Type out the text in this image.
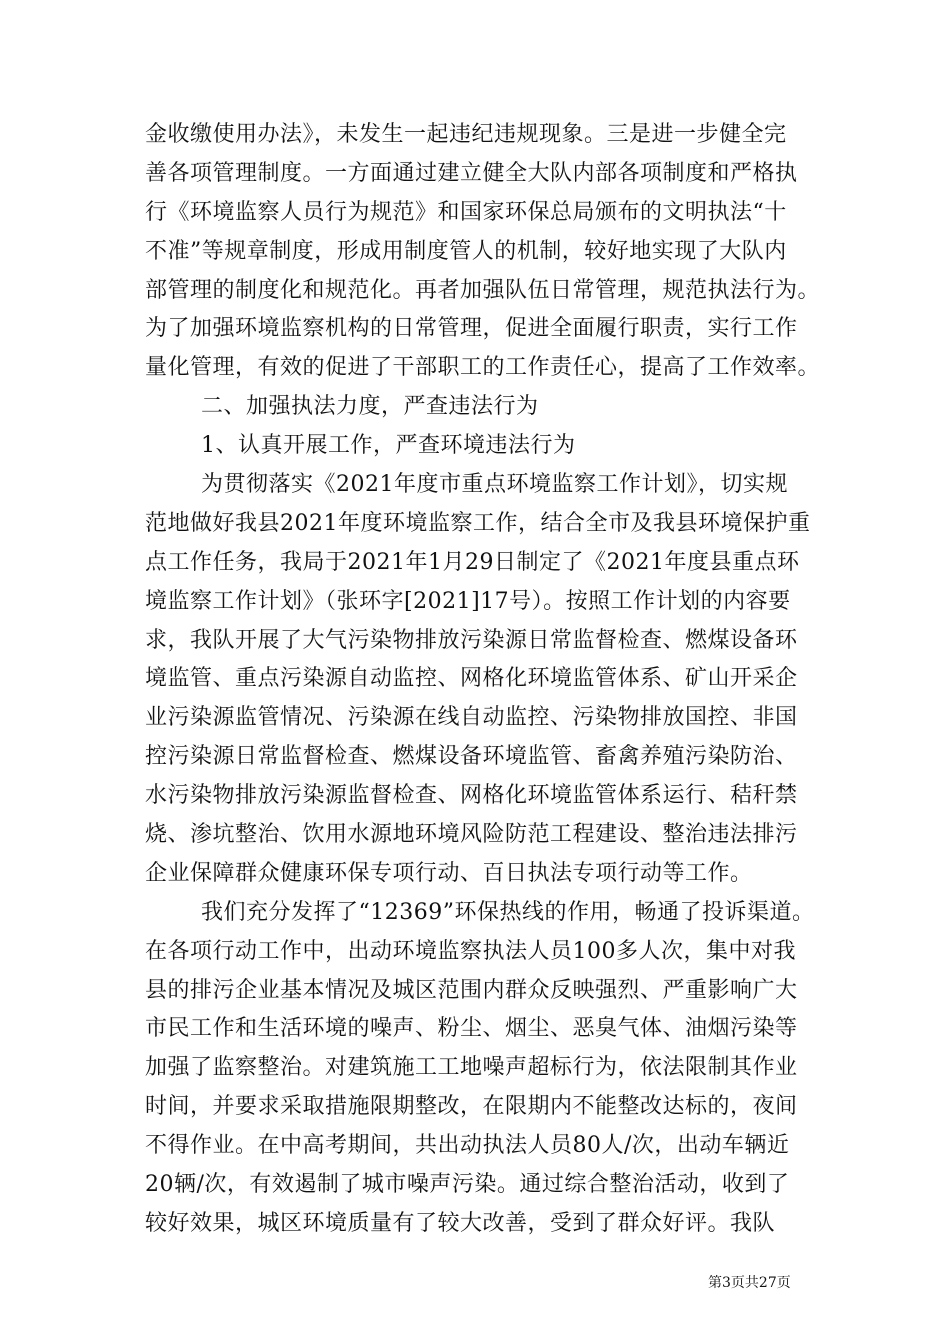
金收缴使用办法》，未发生一起违纪违规现象。三是进一步健全完
善各项管理制度。一方面通过建立健全大队内部各项制度和严格执
行《环境监察人员行为规范》和国家环保总局颁布的文明执法“十
不准”等规章制度，形成用制度管人的机制，较好地实现了大队内
部管理的制度化和规范化。再者加强队伍日常管理，规范执法行为。
为了加强环境监察机构的日常管理，促进全面履行职责，实行工作
量化管理，有效的促进了干部职工的工作责任心，提高了工作效率。
二、加强执法力度，严查违法行为
1、认真开展工作，严查环境违法行为
为贯彻落实《2021年度市重点环境监察工作计划》，切实规
范地做好我县2021年度环境监察工作，结合全市及我县环境保护重
点工作任务，我局于2021年1月29日制定了《2021年度县重点环
境监察工作计划》（张环字[2021]17号）。按照工作计划的内容要
求，我队开展了大气污染物排放污染源日常监督检查、燃煤设备环
境监管、重点污染源自动监控、网格化环境监管体系、矿山开采企
业污染源监管情况、污染源在线自动监控、污染物排放国控、非国
控污染源日常监督检查、燃煤设备环境监管、畜禽养殖污染防治、
水污染物排放污染源监督检查、网格化环境监管体系运行、秸秆禁
烧、渗坑整治、饮用水源地环境风险防范工程建设、整治违法排污
企业保障群众健康环保专项行动、百日执法专项行动等工作。
我们充分发挥了“12369”环保热线的作用，畅通了投诉渠道。
在各项行动工作中，出动环境监察执法人员100多人次，集中对我
县的排污企业基本情况及城区范围内群众反映强烈、严重影响广大
市民工作和生活环境的噪声、粉尘、烟尘、恶臭气体、油烟污染等
加强了监察整治。对建筑施工工地噪声超标行为，依法限制其作业
时间，并要求采取措施限期整改，在限期内不能整改达标的，夜间
不得作业。在中高考期间，共出动执法人员80人/次，出动车辆近
20辆/次，有效遏制了城市噪声污染。通过综合整治活动，收到了
较好效果，城区环境质量有了较大改善，受到了群众好评。我队
第3页共27页
